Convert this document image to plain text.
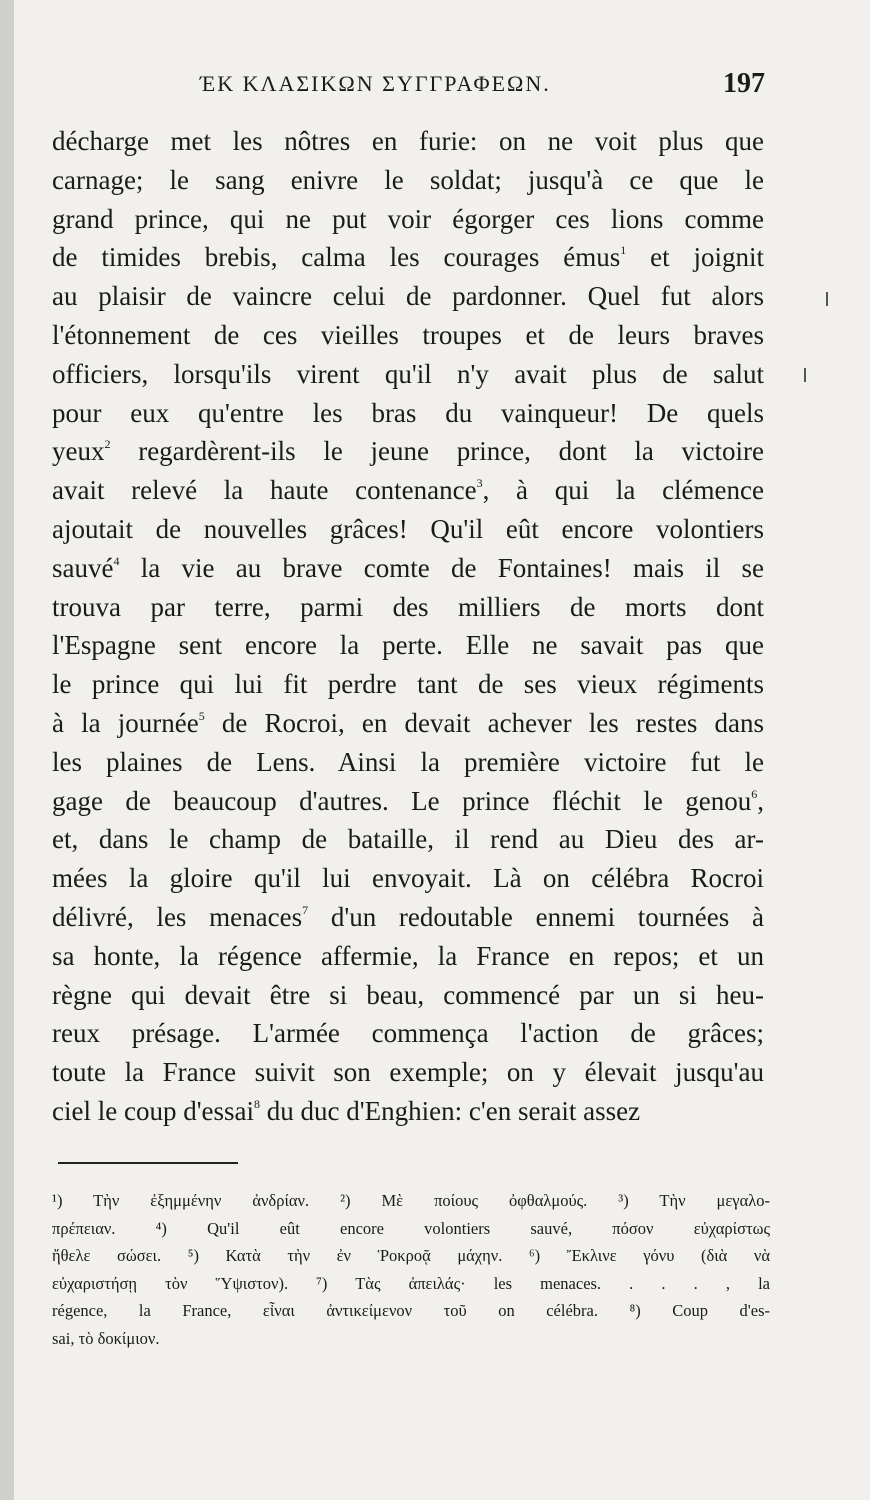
ΈΚ ΚΛΑΣΙΚΩΝ ΣΥΓΓΡΑΦΕΩΝ.	197
décharge met les nôtres en furie: on ne voit plus que
carnage; le sang enivre le soldat; jusqu'à ce que le
grand prince, qui ne put voir égorger ces lions comme
de timides brebis, calma les courages émus$^1$ et joignit
au plaisir de vaincre celui de pardonner. Quel fut alors
l'étonnement de ces vieilles troupes et de leurs braves
officiers, lorsqu'ils virent qu'il n'y avait plus de salut
pour eux qu'entre les bras du vainqueur! De quels
yeux$^2$ regardèrent-ils le jeune prince, dont la victoire
avait relevé la haute contenance$^3$, à qui la clémence
ajoutait de nouvelles grâces! Qu'il eût encore volontiers
sauvé$^4$ la vie au brave comte de Fontaines! mais il se
trouva par terre, parmi des milliers de morts dont
l'Espagne sent encore la perte. Elle ne savait pas que
le prince qui lui fit perdre tant de ses vieux régiments
à la journée$^5$ de Rocroi, en devait achever les restes dans
les plaines de Lens. Ainsi la première victoire fut le
gage de beaucoup d'autres. Le prince fléchit le genou$^6$,
et, dans le champ de bataille, il rend au Dieu des ar-
mées la gloire qu'il lui envoyait. Là on célébra Rocroi
délivré, les menaces$^7$ d'un redoutable ennemi tournées à
sa honte, la régence affermie, la France en repos; et un
règne qui devait être si beau, commencé par un si heu-
reux présage. L'armée commença l'action de grâces;
toute la France suivit son exemple; on y élevait jusqu'au
ciel le coup d'essai$^8$ du duc d'Enghien: c'en serait assez
¹) Τὴν ἐξημμένην ἀνδρίαν. ²) Μὲ ποίους ὀφθαλμούς. ³) Τὴν μεγαλο-
πρέπειαν. ⁴) Qu'il eût encore volontiers sauvé, πόσον εὐχαρίστως
ἤθελε σώσει. ⁵) Κατὰ τὴν ἐν Ῥοκροᾷ μάχην. ⁶) Ἔκλινε γόνυ (διὰ νὰ
εὐχαριστήσῃ τὸν Ὕψιστον). ⁷) Τὰς ἀπειλάς· les menaces. . . . , la
régence, la France, εἶναι ἀντικείμενον τοῦ on célébra. ⁸) Coup d'es-
sai, τὸ δοκίμιον.
